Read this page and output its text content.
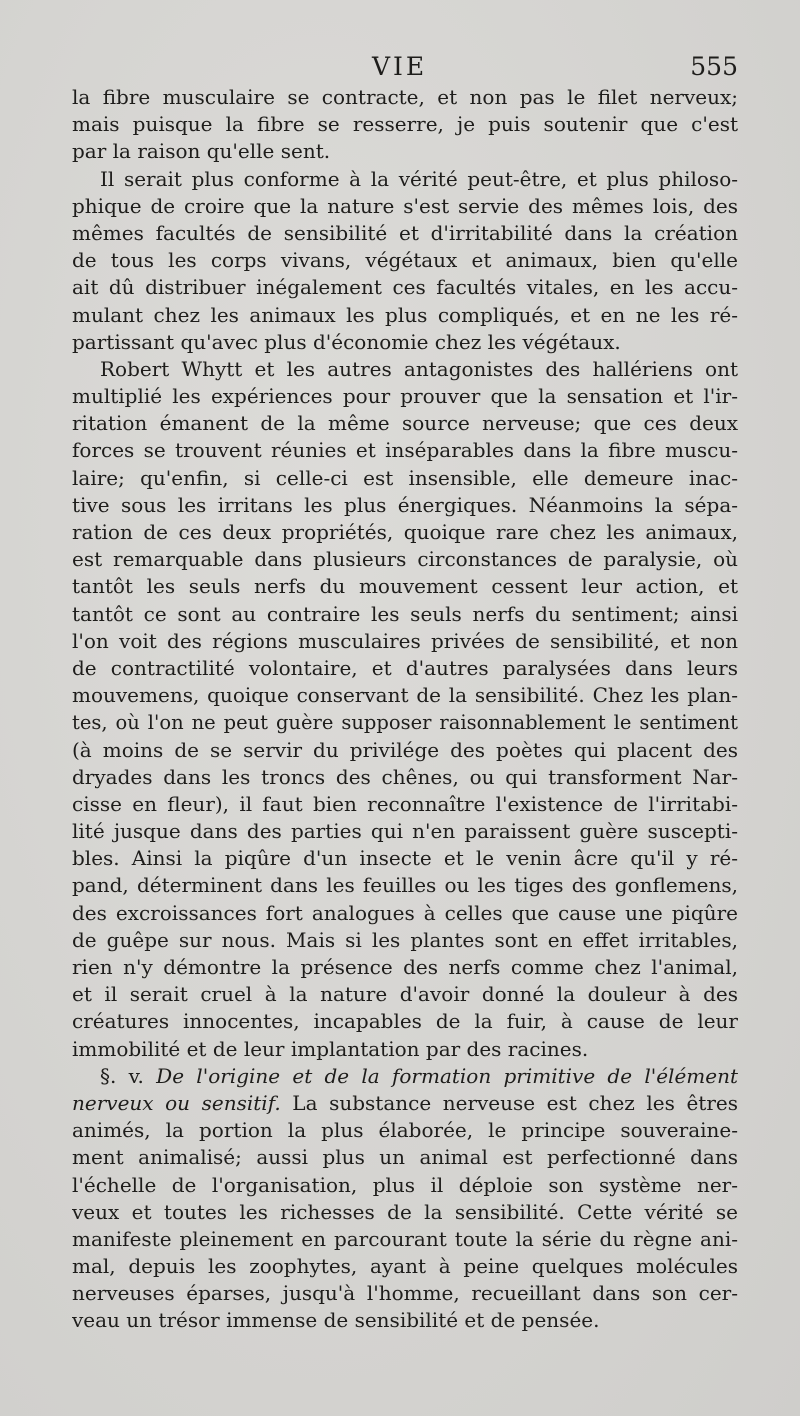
VIE	555
la fibre musculaire se contracte, et non pas le filet nerveux;
mais puisque la fibre se resserre, je puis soutenir que c'est
par la raison qu'elle sent.
Il serait plus conforme à la vérité peut-être, et plus philoso-
phique de croire que la nature s'est servie des mêmes lois, des
mêmes facultés de sensibilité et d'irritabilité dans la création
de tous les corps vivans, végétaux et animaux, bien qu'elle
ait dû distribuer inégalement ces facultés vitales, en les accu-
mulant chez les animaux les plus compliqués, et en ne les ré-
partissant qu'avec plus d'économie chez les végétaux.
Robert Whytt et les autres antagonistes des hallériens ont
multiplié les expériences pour prouver que la sensation et l'ir-
ritation émanent de la même source nerveuse; que ces deux
forces se trouvent réunies et inséparables dans la fibre muscu-
laire; qu'enfin, si celle-ci est insensible, elle demeure inac-
tive sous les irritans les plus énergiques. Néanmoins la sépa-
ration de ces deux propriétés, quoique rare chez les animaux,
est remarquable dans plusieurs circonstances de paralysie, où
tantôt les seuls nerfs du mouvement cessent leur action, et
tantôt ce sont au contraire les seuls nerfs du sentiment; ainsi
l'on voit des régions musculaires privées de sensibilité, et non
de contractilité volontaire, et d'autres paralysées dans leurs
mouvemens, quoique conservant de la sensibilité. Chez les plan-
tes, où l'on ne peut guère supposer raisonnablement le sentiment
(à moins de se servir du privilége des poètes qui placent des
dryades dans les troncs des chênes, ou qui transforment Nar-
cisse en fleur), il faut bien reconnaître l'existence de l'irritabi-
lité jusque dans des parties qui n'en paraissent guère suscepti-
bles. Ainsi la piqûre d'un insecte et le venin âcre qu'il y ré-
pand, déterminent dans les feuilles ou les tiges des gonflemens,
des excroissances fort analogues à celles que cause une piqûre
de guêpe sur nous. Mais si les plantes sont en effet irritables,
rien n'y démontre la présence des nerfs comme chez l'animal,
et il serait cruel à la nature d'avoir donné la douleur à des
créatures innocentes, incapables de la fuir, à cause de leur
immobilité et de leur implantation par des racines.
§. v. De l'origine et de la formation primitive de l'élément
nerveux ou sensitif. La substance nerveuse est chez les êtres
animés, la portion la plus élaborée, le principe souveraine-
ment animalisé; aussi plus un animal est perfectionné dans
l'échelle de l'organisation, plus il déploie son système ner-
veux et toutes les richesses de la sensibilité. Cette vérité se
manifeste pleinement en parcourant toute la série du règne ani-
mal, depuis les zoophytes, ayant à peine quelques molécules
nerveuses éparses, jusqu'à l'homme, recueillant dans son cer-
veau un trésor immense de sensibilité et de pensée.
